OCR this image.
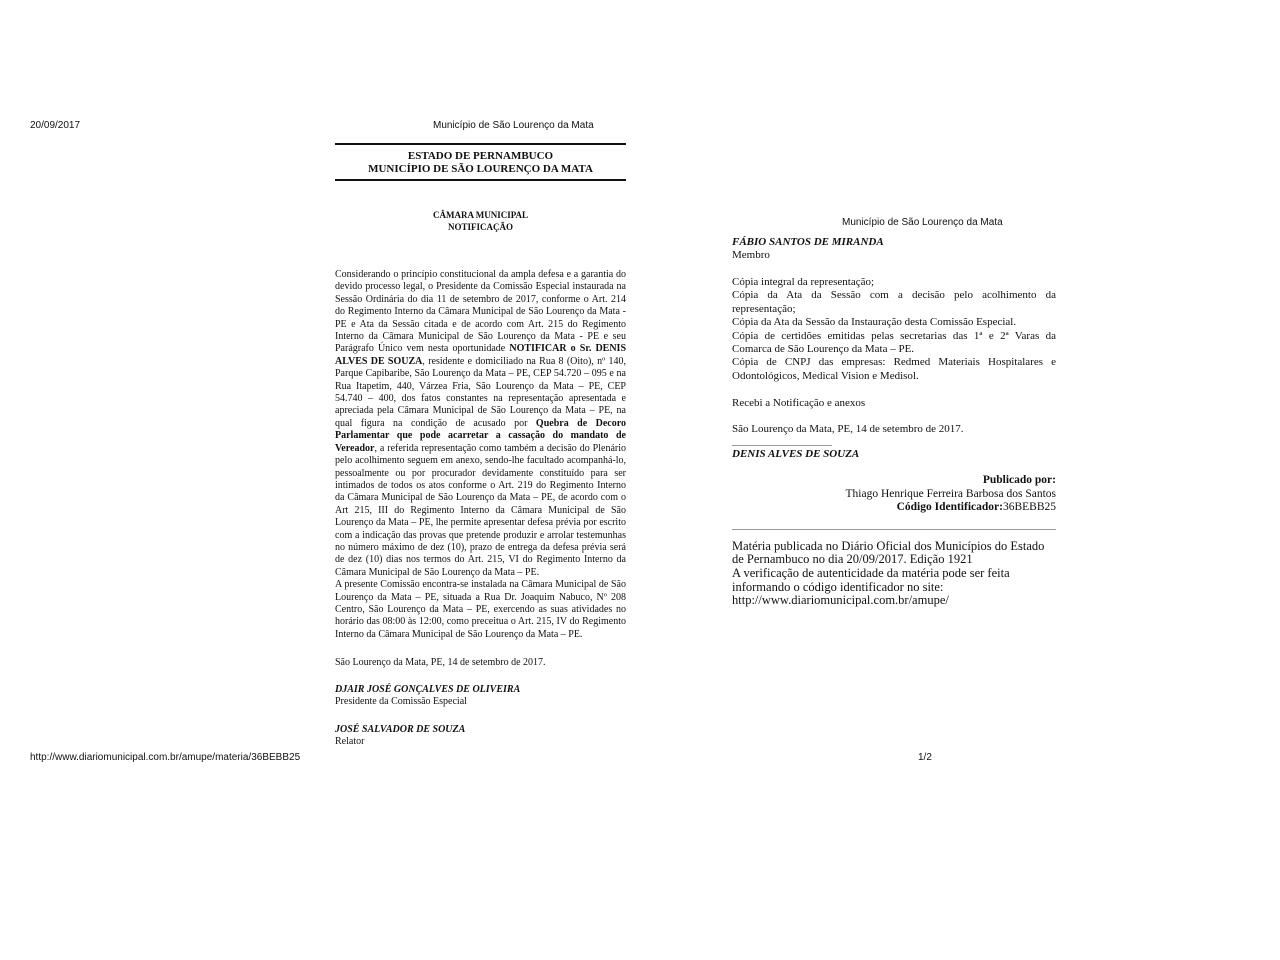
20/09/2017	Município de São Lourenço da Mata
http://www.diariomunicipal.com.br/amupe/materia/36BEBB25	1/2
ESTADO DE PERNAMBUCO
MUNICÍPIO DE SÃO LOURENÇO DA MATA
CÂMARA MUNICIPAL
NOTIFICAÇÃO

Considerando o princípio constitucional da ampla defesa e a garantia do devido processo legal, o Presidente da Comissão Especial instaurada na Sessão Ordinária do dia 11 de setembro de 2017, conforme o Art. 214 do Regimento Interno da Câmara Municipal de São Lourenço da Mata - PE e Ata da Sessão citada e de acordo com Art. 215 do Regimento Interno da Câmara Municipal de São Lourenço da Mata - PE e seu Parágrafo Único vem nesta oportunidade NOTIFICAR o Sr. DENIS ALVES DE SOUZA, residente e domiciliado na Rua 8 (Oito), nº 140, Parque Capibaribe, São Lourenço da Mata – PE, CEP 54.720 – 095 e na Rua Itapetim, 440, Várzea Fria, São Lourenço da Mata – PE, CEP 54.740 – 400, dos fatos constantes na representação apresentada e apreciada pela Câmara Municipal de São Lourenço da Mata – PE, na qual figura na condição de acusado por Quebra de Decoro Parlamentar que pode acarretar a cassação do mandato de Vereador, a referida representação como também a decisão do Plenário pelo acolhimento seguem em anexo, sendo-lhe facultado acompanhá-lo, pessoalmente ou por procurador devidamente constituído para ser intimados de todos os atos conforme o Art. 219 do Regimento Interno da Câmara Municipal de São Lourenço da Mata – PE, de acordo com o Art 215, III do Regimento Interno da Câmara Municipal de São Lourenço da Mata – PE, lhe permite apresentar defesa prévia por escrito com a indicação das provas que pretende produzir e arrolar testemunhas no número máximo de dez (10), prazo de entrega da defesa prévia será de dez (10) dias nos termos do Art. 215, VI do Regimento Interno da Câmara Municipal de São Lourenço da Mata – PE.

A presente Comissão encontra-se instalada na Câmara Municipal de São Lourenço da Mata – PE, situada a Rua Dr. Joaquim Nabuco, Nº 208 Centro, São Lourenço da Mata – PE, exercendo as suas atividades no horário das 08:00 às 12:00, como preceitua o Art. 215, IV do Regimento Interno da Câmara Municipal de São Lourenço da Mata – PE.

São Lourenço da Mata, PE, 14 de setembro de 2017.
DJAIR JOSÉ GONÇALVES DE OLIVEIRA
Presidente da Comissão Especial
JOSÉ SALVADOR DE SOUZA
Relator
Município de São Lourenço da Mata
FÁBIO SANTOS DE MIRANDA
Membro

Cópia integral da representação;

Cópia da Ata da Sessão com a decisão pelo acolhimento da representação;

Cópia da Ata da Sessão da Instauração desta Comissão Especial.

Cópia de certidões emitidas pelas secretarias das 1ª e 2ª Varas da Comarca de São Lourenço da Mata – PE.

Cópia de CNPJ das empresas: Redmed Materiais Hospitalares e Odontológicos, Medical Vision e Medisol.

Recebi a Notificação e anexos
São Lourenço da Mata, PE, 14 de setembro de 2017.
DENIS ALVES DE SOUZA
Publicado por:
Thiago Henrique Ferreira Barbosa dos Santos
Código Identificador:36BEBB25
Matéria publicada no Diário Oficial dos Municípios do Estado de Pernambuco no dia 20/09/2017. Edição 1921
A verificação de autenticidade da matéria pode ser feita informando o código identificador no site:
http://www.diariomunicipal.com.br/amupe/
